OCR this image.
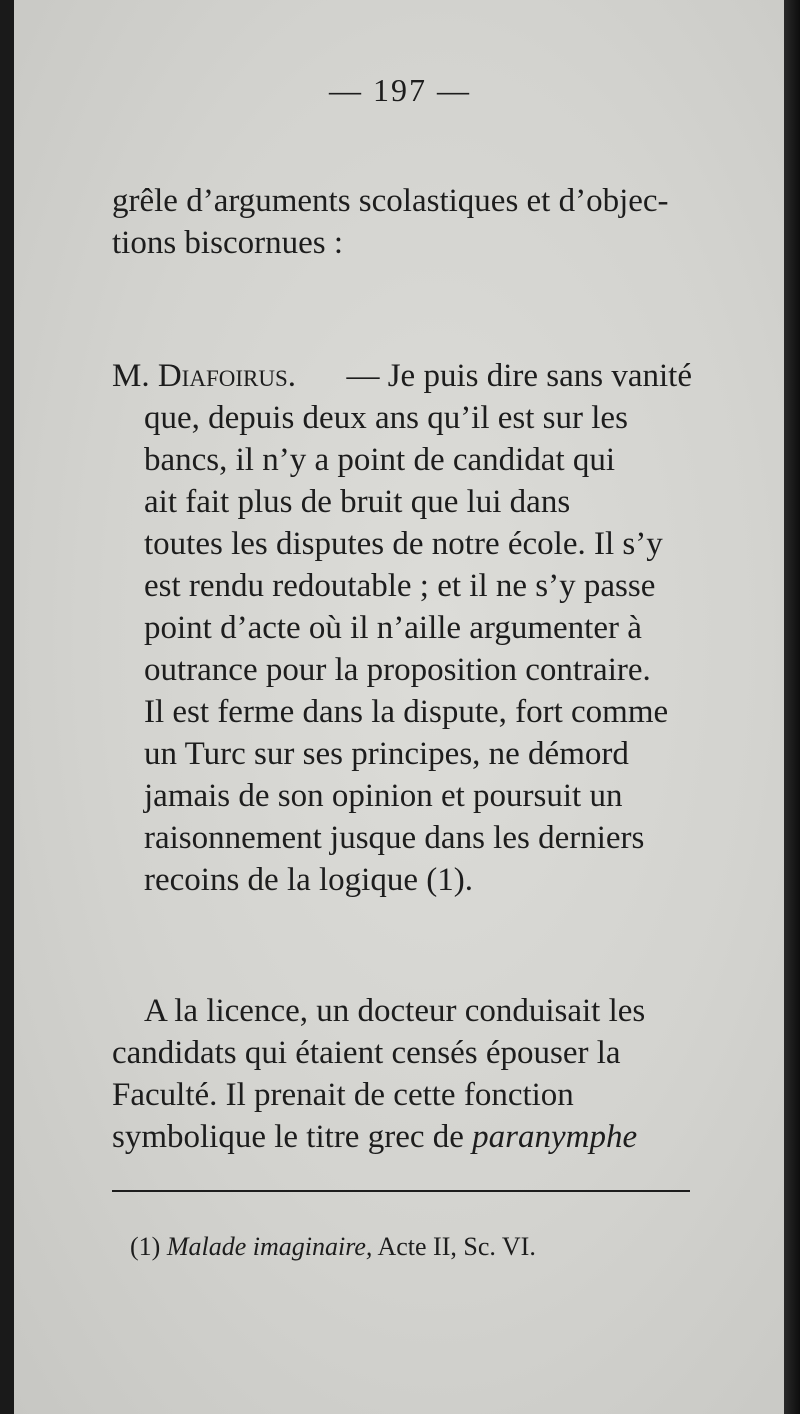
— 197 —
grêle d’arguments scolastiques et d’objec-
tions biscornues :
M. Diafoirus. — Je puis dire sans vanité
que, depuis deux ans qu’il est sur les
bancs, il n’y a point de candidat qui
ait fait plus de bruit que lui dans
toutes les disputes de notre école. Il s’y
est rendu redoutable ; et il ne s’y passe
point d’acte où il n’aille argumenter à
outrance pour la proposition contraire.
Il est ferme dans la dispute, fort comme
un Turc sur ses principes, ne démord
jamais de son opinion et poursuit un
raisonnement jusque dans les derniers
recoins de la logique (1).
A la licence, un docteur conduisait les
candidats qui étaient censés épouser la
Faculté. Il prenait de cette fonction
symbolique le titre grec de paranymphe
(1) Malade imaginaire, Acte II, Sc. VI.
